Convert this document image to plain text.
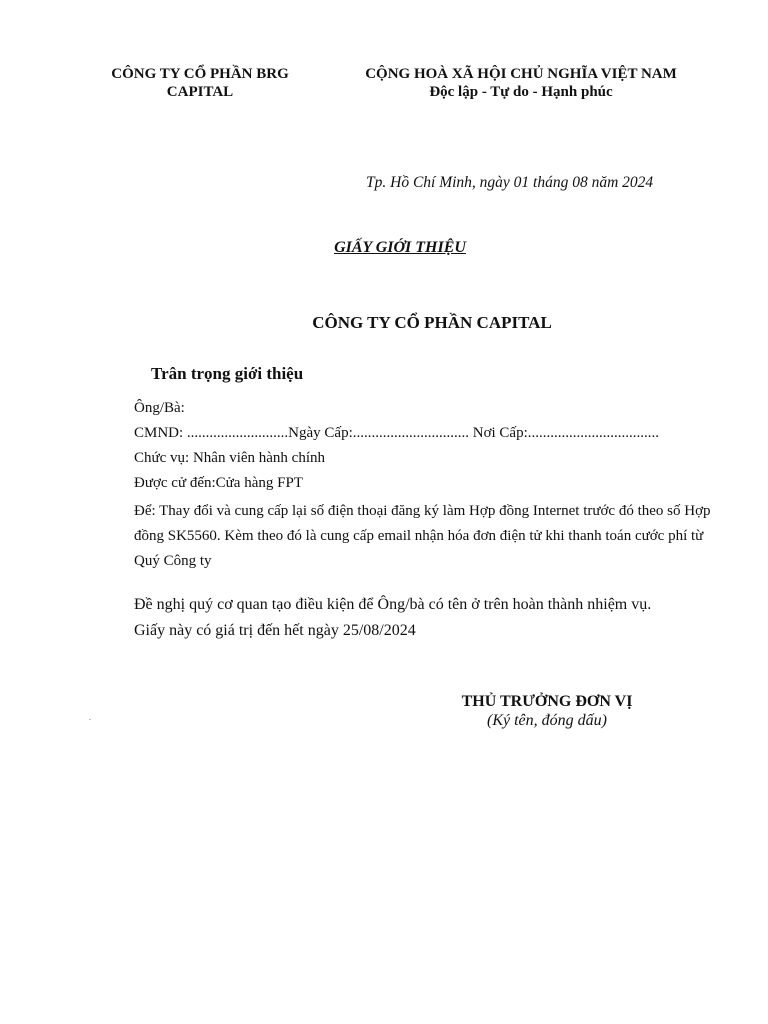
CÔNG TY CỔ PHẦN BRG
CAPITAL
CỘNG HOÀ XÃ HỘI CHỦ NGHĨA VIỆT NAM
Độc lập - Tự do - Hạnh phúc
Tp. Hồ Chí Minh, ngày 01 tháng 08 năm 2024
GIẤY GIỚI THIỆU
CÔNG TY CỔ PHẦN CAPITAL
Trân trọng giới thiệu
Ông/Bà:
CMND: ...........................Ngày Cấp:............................... Nơi Cấp:...................................
Chức vụ: Nhân viên hành chính
Được cử đến:Cửa hàng FPT
Để: Thay đổi và cung cấp lại số điện thoại đăng ký làm Hợp đồng Internet trước đó theo số Hợp đồng SK5560. Kèm theo đó là cung cấp email nhận hóa đơn điện tử khi thanh toán cước phí từ Quý Công ty
Đề nghị quý cơ quan tạo điều kiện để Ông/bà có tên ở trên hoàn thành nhiệm vụ.
Giấy này có giá trị đến hết ngày 25/08/2024
THỦ TRƯỞNG ĐƠN VỊ
(Ký tên, đóng dấu)
.
